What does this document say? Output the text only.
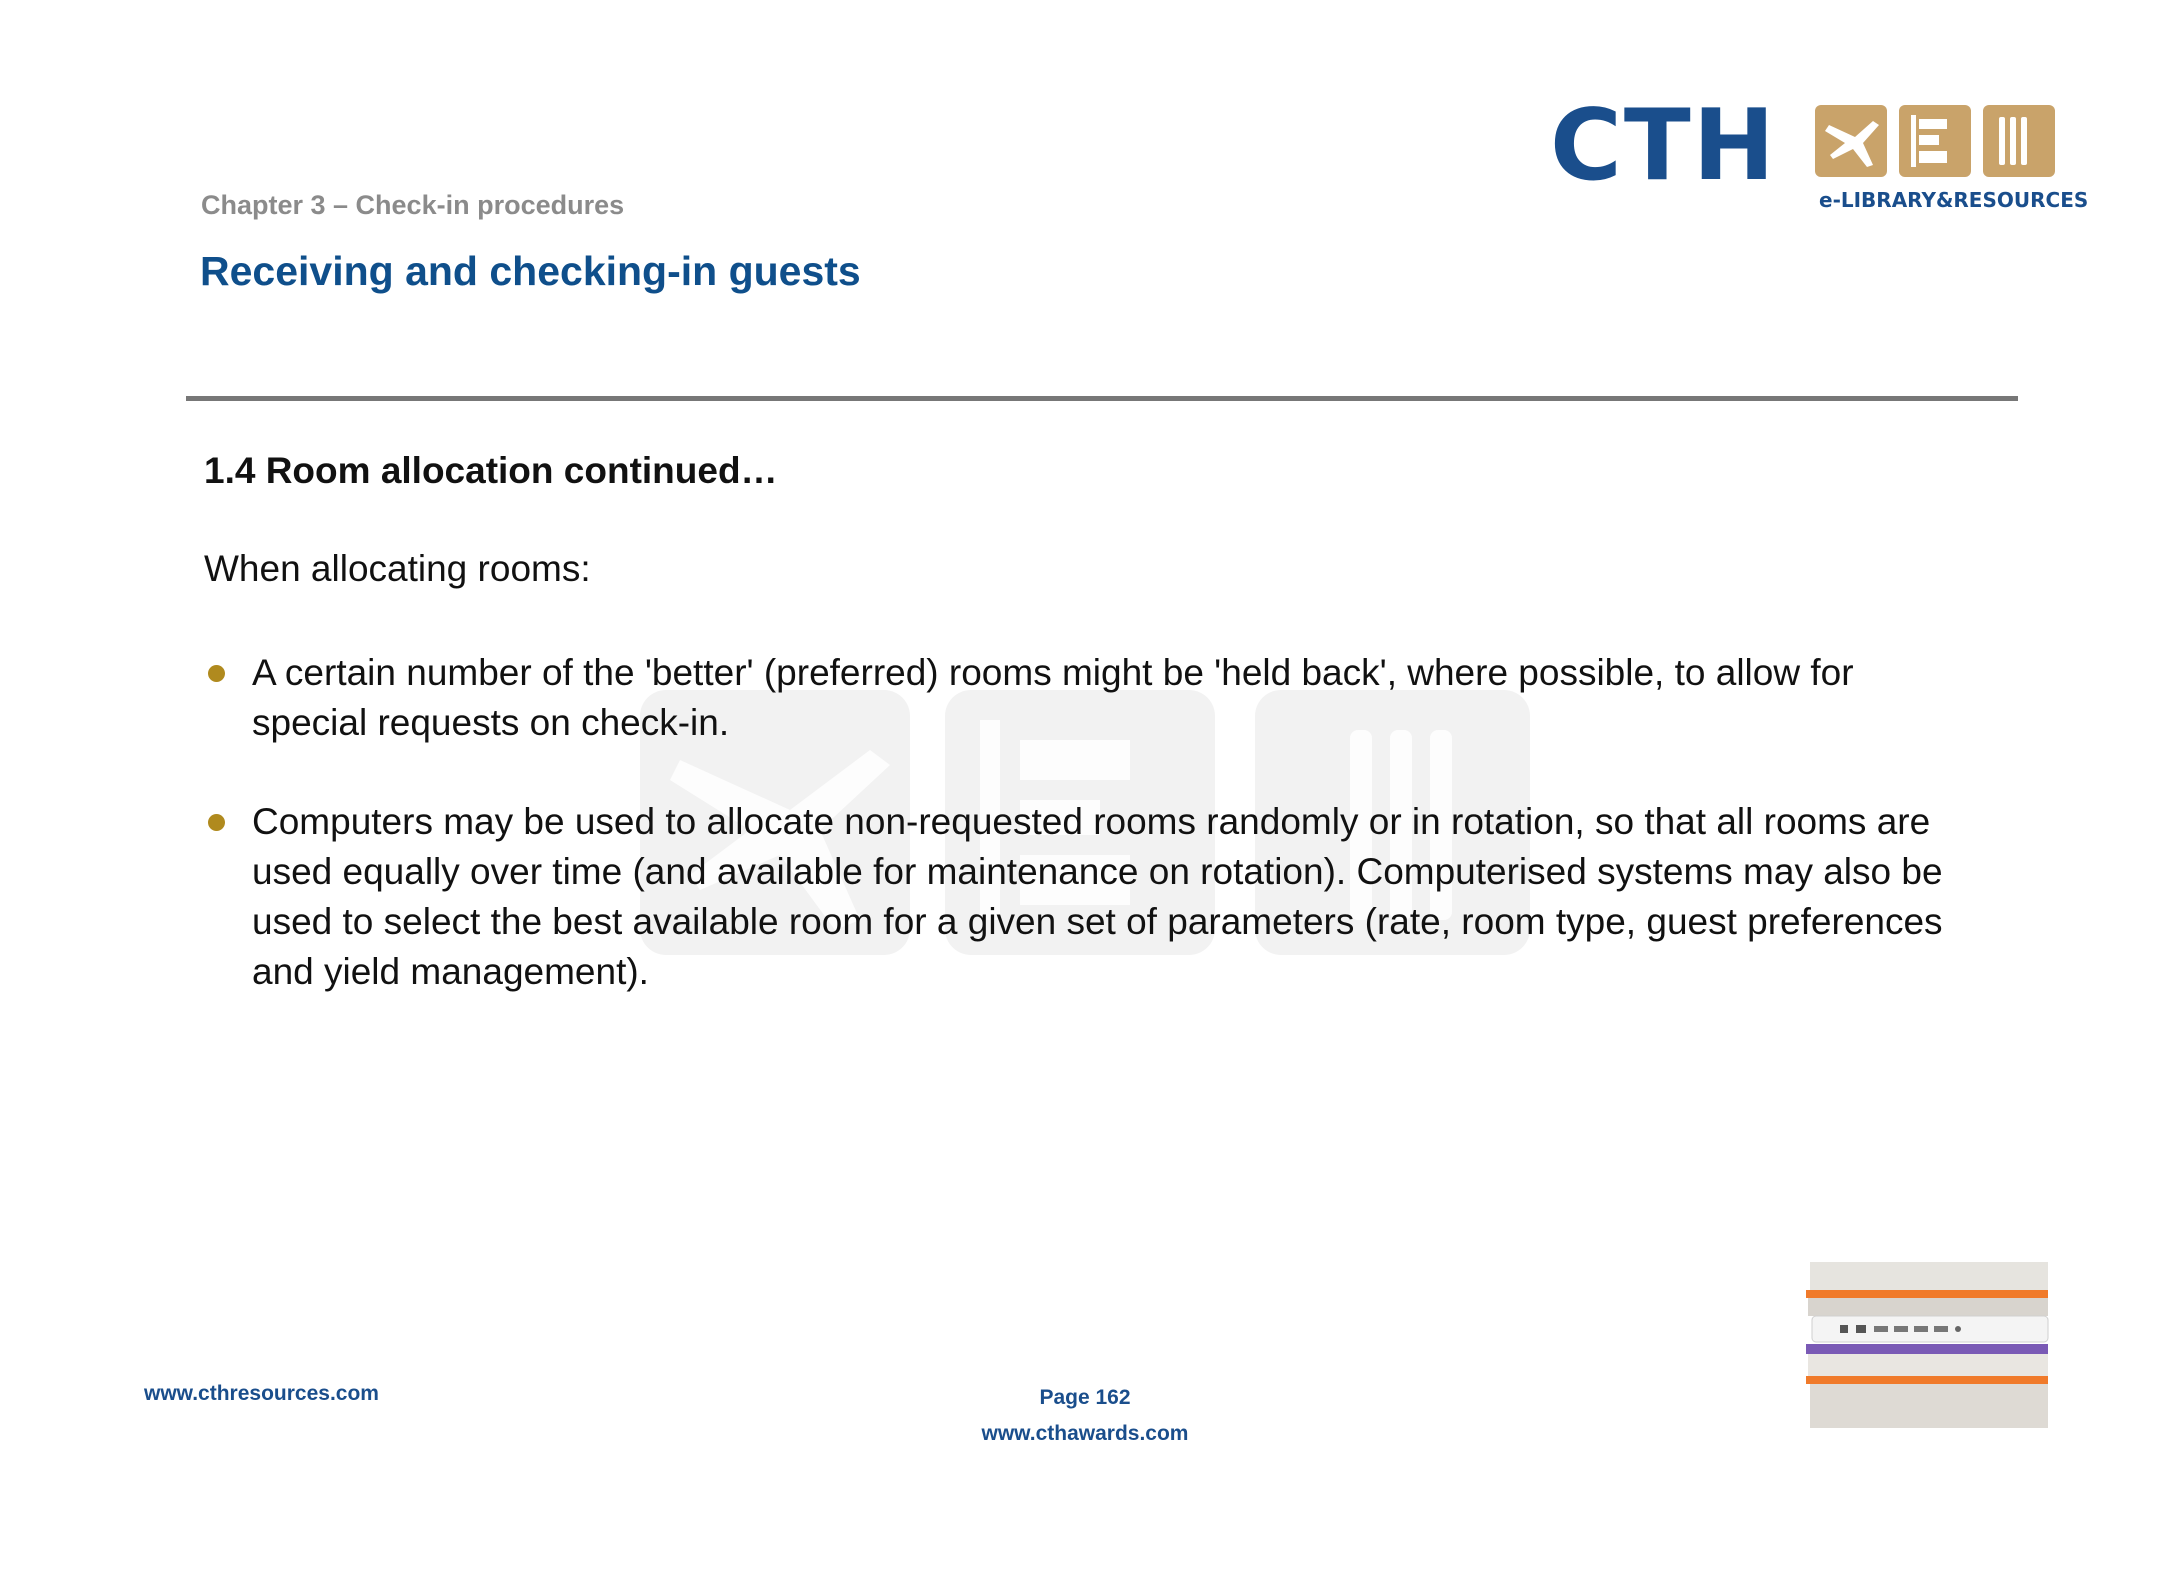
CTH e-LIBRARY&RESOURCES
Chapter 3 – Check-in procedures
Receiving and checking-in guests
1.4 Room allocation continued…
When allocating rooms:
A certain number of the 'better' (preferred) rooms might be 'held back', where possible, to allow for special requests on check-in.
Computers may be used to allocate non-requested rooms randomly or in rotation, so that all rooms are used equally over time (and available for maintenance on rotation). Computerised systems may also be used to select the best available room for a given set of parameters (rate, room type, guest preferences and yield management).
www.cthresources.com	Page 162
www.cthawards.com
